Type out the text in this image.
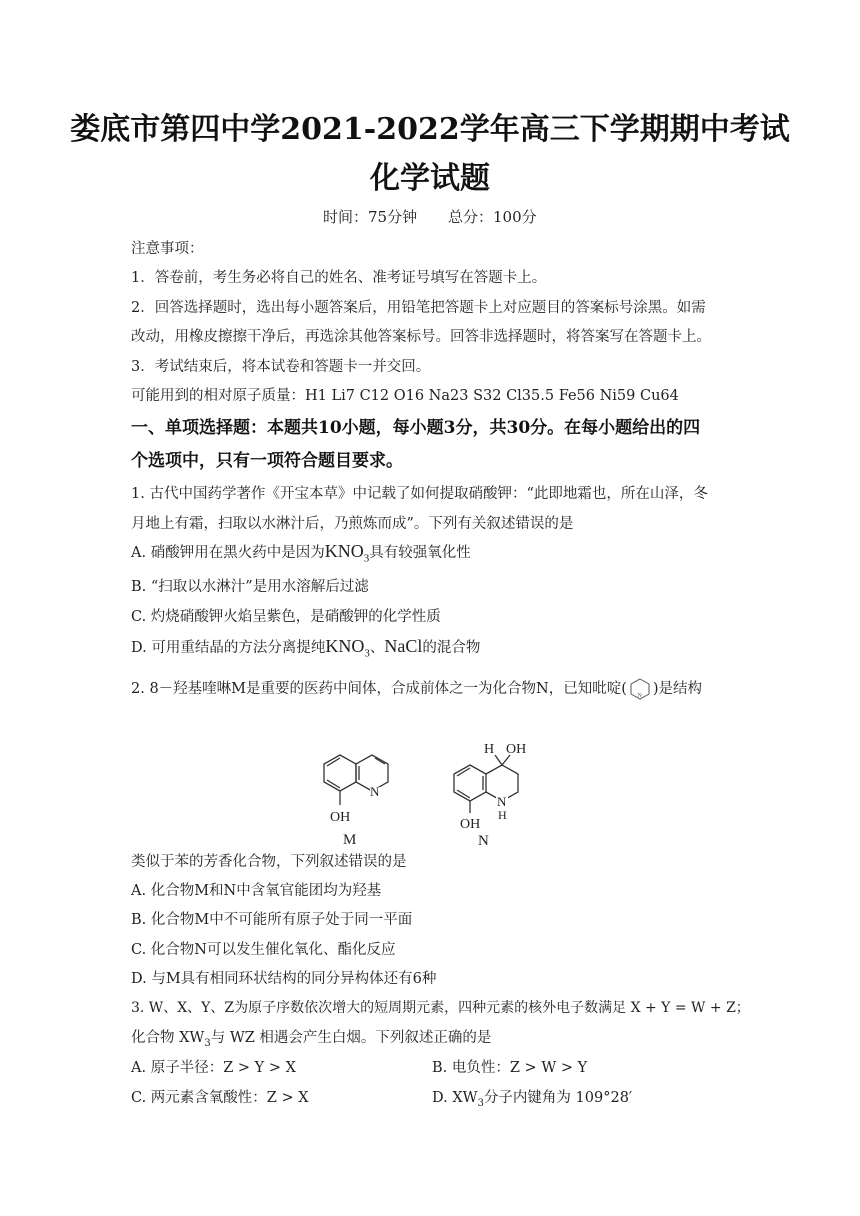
娄底市第四中学2021-2022学年高三下学期期中考试
化学试题
时间：75分钟 总分：100分
注意事项：
1．答卷前，考生务必将自己的姓名、准考证号填写在答题卡上。
2．回答选择题时，选出每小题答案后，用铅笔把答题卡上对应题目的答案标号涂黑。如需
改动，用橡皮擦擦干净后，再选涂其他答案标号。回答非选择题时，将答案写在答题卡上。
3．考试结束后，将本试卷和答题卡一并交回。
可能用到的相对原子质量：H1 Li7 C12 O16 Na23 S32 Cl35.5 Fe56 Ni59 Cu64
一、单项选择题：本题共10小题，每小题3分，共30分。在每小题给出的四
个选项中，只有一项符合题目要求。
1. 古代中国药学著作《开宝本草》中记载了如何提取硝酸钾：“此即地霜也，所在山泽，冬
月地上有霜，扫取以水淋汁后，乃煎炼而成”。下列有关叙述错误的是
A. 硝酸钾用在黑火药中是因为$KNO_3$具有较强氧化性
B. “扫取以水淋汁”是用水溶解后过滤
C. 灼烧硝酸钾火焰呈紫色，是硝酸钾的化学性质
D. 可用重结晶的方法分离提纯$KNO_3$、NaCl的混合物
2. 8－羟基喹啉M是重要的医药中间体，合成前体之一为化合物N，已知吡啶( N )是结构
N
OH
M
H OH
N
H
OH
N
类似于苯的芳香化合物，下列叙述错误的是
A. 化合物M和N中含氧官能团均为羟基
B. 化合物M中不可能所有原子处于同一平面
C. 化合物N可以发生催化氧化、酯化反应
D. 与M具有相同环状结构的同分异构体还有6种
3. W、X、Y、Z为原子序数依次增大的短周期元素，四种元素的核外电子数满足 X + Y = W + Z；
化合物 $XW_3$与 WZ 相遇会产生白烟。下列叙述正确的是
A. 原子半径：Z > Y > X	B. 电负性：Z > W > Y
C. 两元素含氧酸性：Z > X	D. $XW_3$分子内键角为 109°28′
